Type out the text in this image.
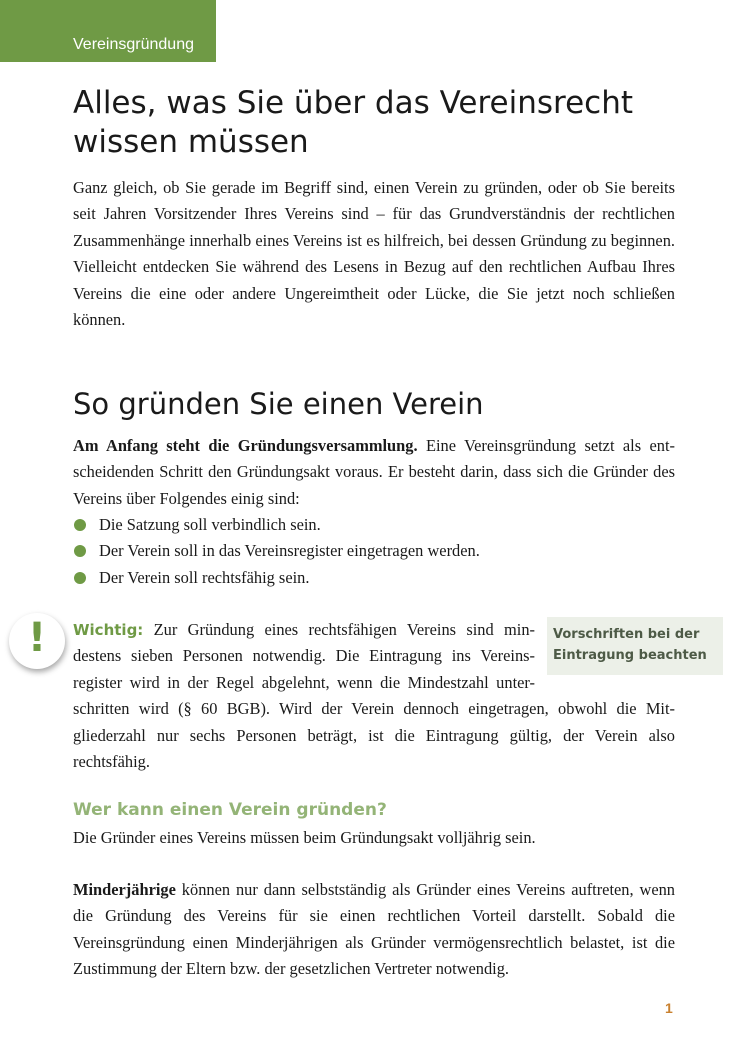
Vereinsgründung
Alles, was Sie über das Vereinsrecht wissen müssen

Ganz gleich, ob Sie gerade im Begriff sind, einen Verein zu gründen, oder ob Sie bereits seit Jahren Vorsitzender Ihres Vereins sind – für das Grundverständnis der rechtlichen Zusammenhänge innerhalb eines Vereins ist es hilfreich, bei dessen Gründung zu beginnen. Vielleicht entdecken Sie während des Lesens in Bezug auf den rechtlichen Aufbau Ihres Vereins die eine oder andere Ungereimtheit oder Lücke, die Sie jetzt noch schließen können.

So gründen Sie einen Verein

Am Anfang steht die Gründungsversammlung. Eine Vereinsgründung setzt als entscheidenden Schritt den Gründungsakt voraus. Er besteht darin, dass sich die Gründer des Vereins über Folgendes einig sind:

Die Satzung soll verbindlich sein.
Der Verein soll in das Vereinsregister eingetragen werden.
Der Verein soll rechtsfähig sein.
!	Vorschriften bei der
Eintragung beachten

Wichtig: Zur Gründung eines rechtsfähigen Vereins sind min-
destens sieben Personen notwendig. Die Eintragung ins Vereins-
register wird in der Regel abgelehnt, wenn die Mindestzahl unter-
schritten wird (§ 60 BGB). Wird der Verein dennoch eingetragen, obwohl die Mit-
gliederzahl nur sechs Personen beträgt, ist die Eintragung gültig, der Verein also
rechtsfähig.

Wer kann einen Verein gründen?

Die Gründer eines Vereins müssen beim Gründungsakt volljährig sein.

Minderjährige können nur dann selbstständig als Gründer eines Vereins auftreten, wenn die Gründung des Vereins für sie einen rechtlichen Vorteil darstellt. Sobald die Vereinsgründung einen Minderjährigen als Gründer vermögensrechtlich belastet, ist die Zustimmung der Eltern bzw. der gesetzlichen Vertreter notwendig.

1
